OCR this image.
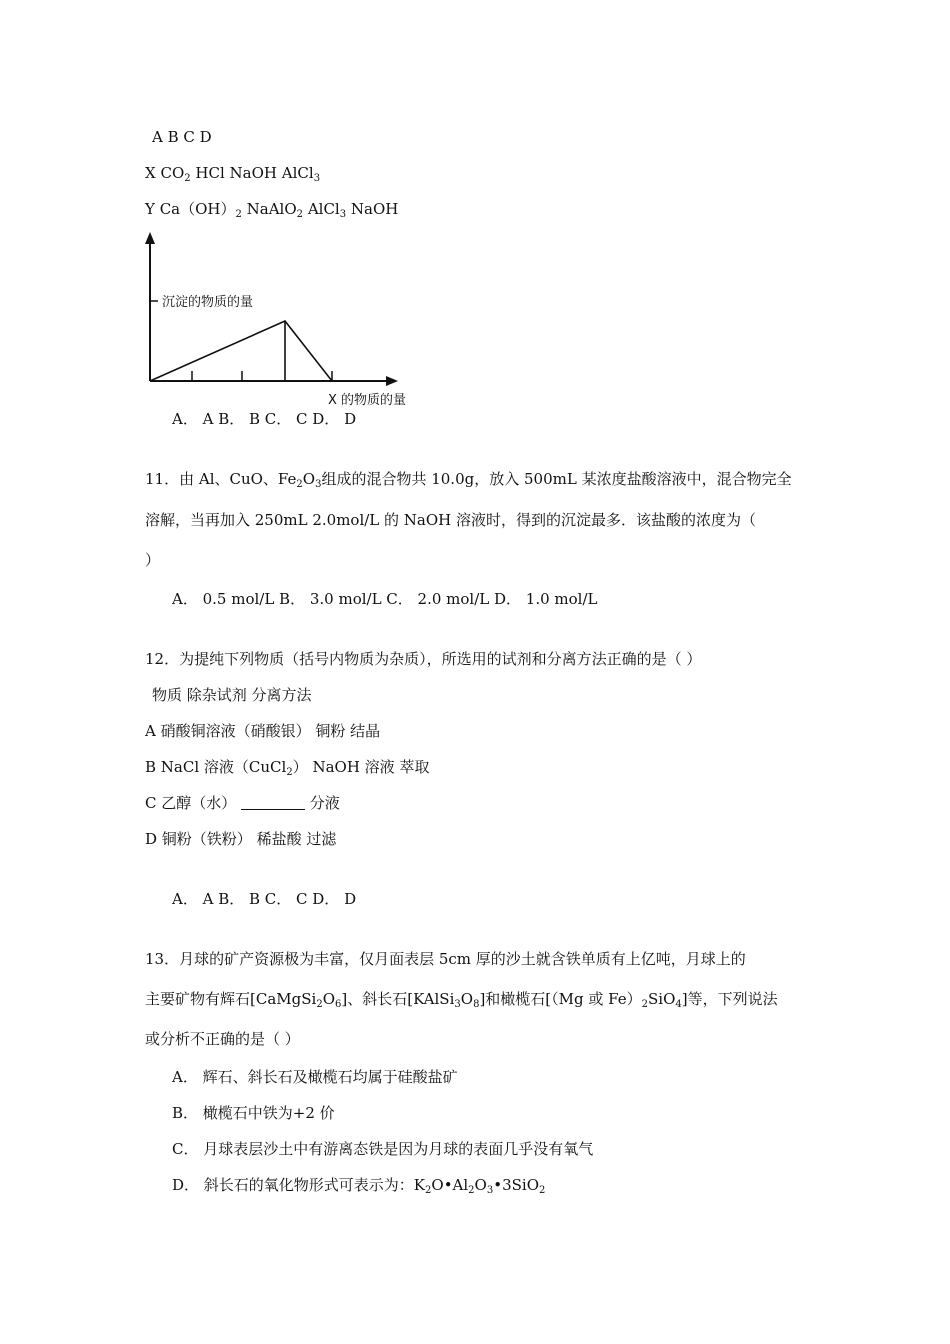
A B C D
X $CO_2$ HCl NaOH AlCl$_3$
Y $Ca(OH)_2$ NaAlO$_2$ AlCl$_3$ NaOH
沉淀的物质的量
X 的物质的量
A． A B． B C． C D． D
11．由 Al、CuO、$Fe_2O_3$组成的混合物共 10.0g，放入 500mL 某浓度盐酸溶液中，混合物完全
溶解，当再加入 250mL 2.0mol/L 的 NaOH 溶液时，得到的沉淀最多．该盐酸的浓度为（
）
A． 0.5 mol/L B． 3.0 mol/L C． 2.0 mol/L D． 1.0 mol/L
12．为提纯下列物质（括号内物质为杂质），所选用的试剂和分离方法正确的是（ ）
物质 除杂试剂 分离方法
A 硝酸铜溶液（硝酸银） 铜粉 结晶
B NaCl 溶液（CuCl$_2$） NaOH 溶液 萃取
C 乙醇（水）	分液
D 铜粉（铁粉） 稀盐酸 过滤
A． A B． B C． C D． D
13．月球的矿产资源极为丰富，仅月面表层 5cm 厚的沙土就含铁单质有上亿吨，月球上的
主要矿物有辉石$[CaMgSi_2O_6]$、斜长石$[KAlSi_3O_8]$和橄榄石[（Mg 或 $Fe)_2SiO_4$]等，下列说法
或分析不正确的是（ ）
A． 辉石、斜长石及橄榄石均属于硅酸盐矿
B． 橄榄石中铁为+2 价
C． 月球表层沙土中有游离态铁是因为月球的表面几乎没有氧气
D． 斜长石的氧化物形式可表示为：$K_2O•Al_2O_3•3SiO_2$
